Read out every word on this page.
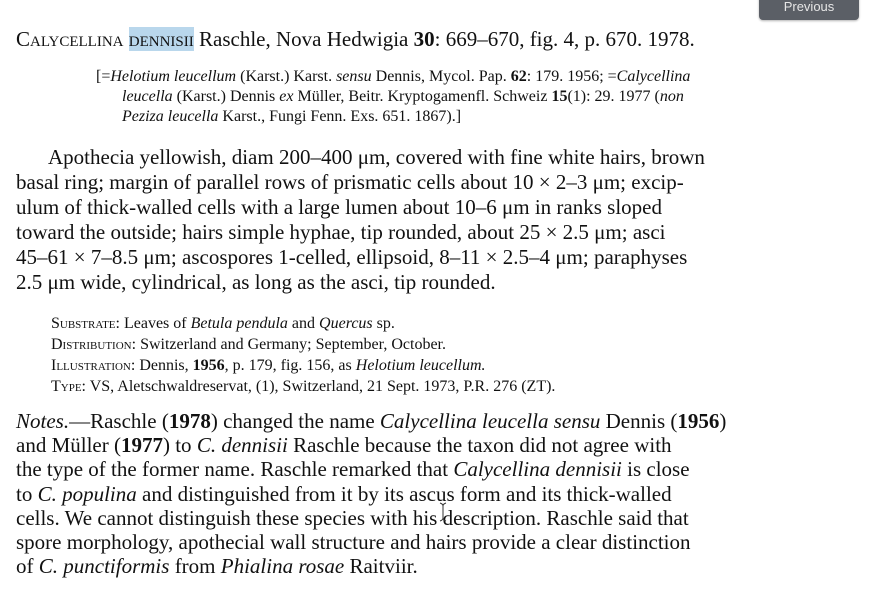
Previous
Calycellina dennisii Raschle, Nova Hedwigia 30: 669–670, fig. 4, p. 670. 1978.

[=Helotium leucellum (Karst.) Karst. sensu Dennis, Mycol. Pap. 62: 179. 1956; =Calycellina
leucella (Karst.) Dennis ex Müller, Beitr. Kryptogamenfl. Schweiz 15(1): 29. 1977 (non
Peziza leucella Karst., Fungi Fenn. Exs. 651. 1867).]

Apothecia yellowish, diam 200–400 μm, covered with fine white hairs, brown
basal ring; margin of parallel rows of prismatic cells about 10 × 2–3 μm; excip-
ulum of thick-walled cells with a large lumen about 10–6 μm in ranks sloped
toward the outside; hairs simple hyphae, tip rounded, about 25 × 2.5 μm; asci
45–61 × 7–8.5 μm; ascospores 1-celled, ellipsoid, 8–11 × 2.5–4 μm; paraphyses
2.5 μm wide, cylindrical, as long as the asci, tip rounded.

Substrate: Leaves of Betula pendula and Quercus sp.
Distribution: Switzerland and Germany; September, October.
Illustration: Dennis, 1956, p. 179, fig. 156, as Helotium leucellum.
Type: VS, Aletschwaldreservat, (1), Switzerland, 21 Sept. 1973, P.R. 276 (ZT).

Notes.—Raschle (1978) changed the name Calycellina leucella sensu Dennis (1956)
and Müller (1977) to C. dennisii Raschle because the taxon did not agree with
the type of the former name. Raschle remarked that Calycellina dennisii is close
to C. populina and distinguished from it by its ascus form and its thick-walled
cells. We cannot distinguish these species with his description. Raschle said that
spore morphology, apothecial wall structure and hairs provide a clear distinction
of C. punctiformis from Phialina rosae Raitviir.
